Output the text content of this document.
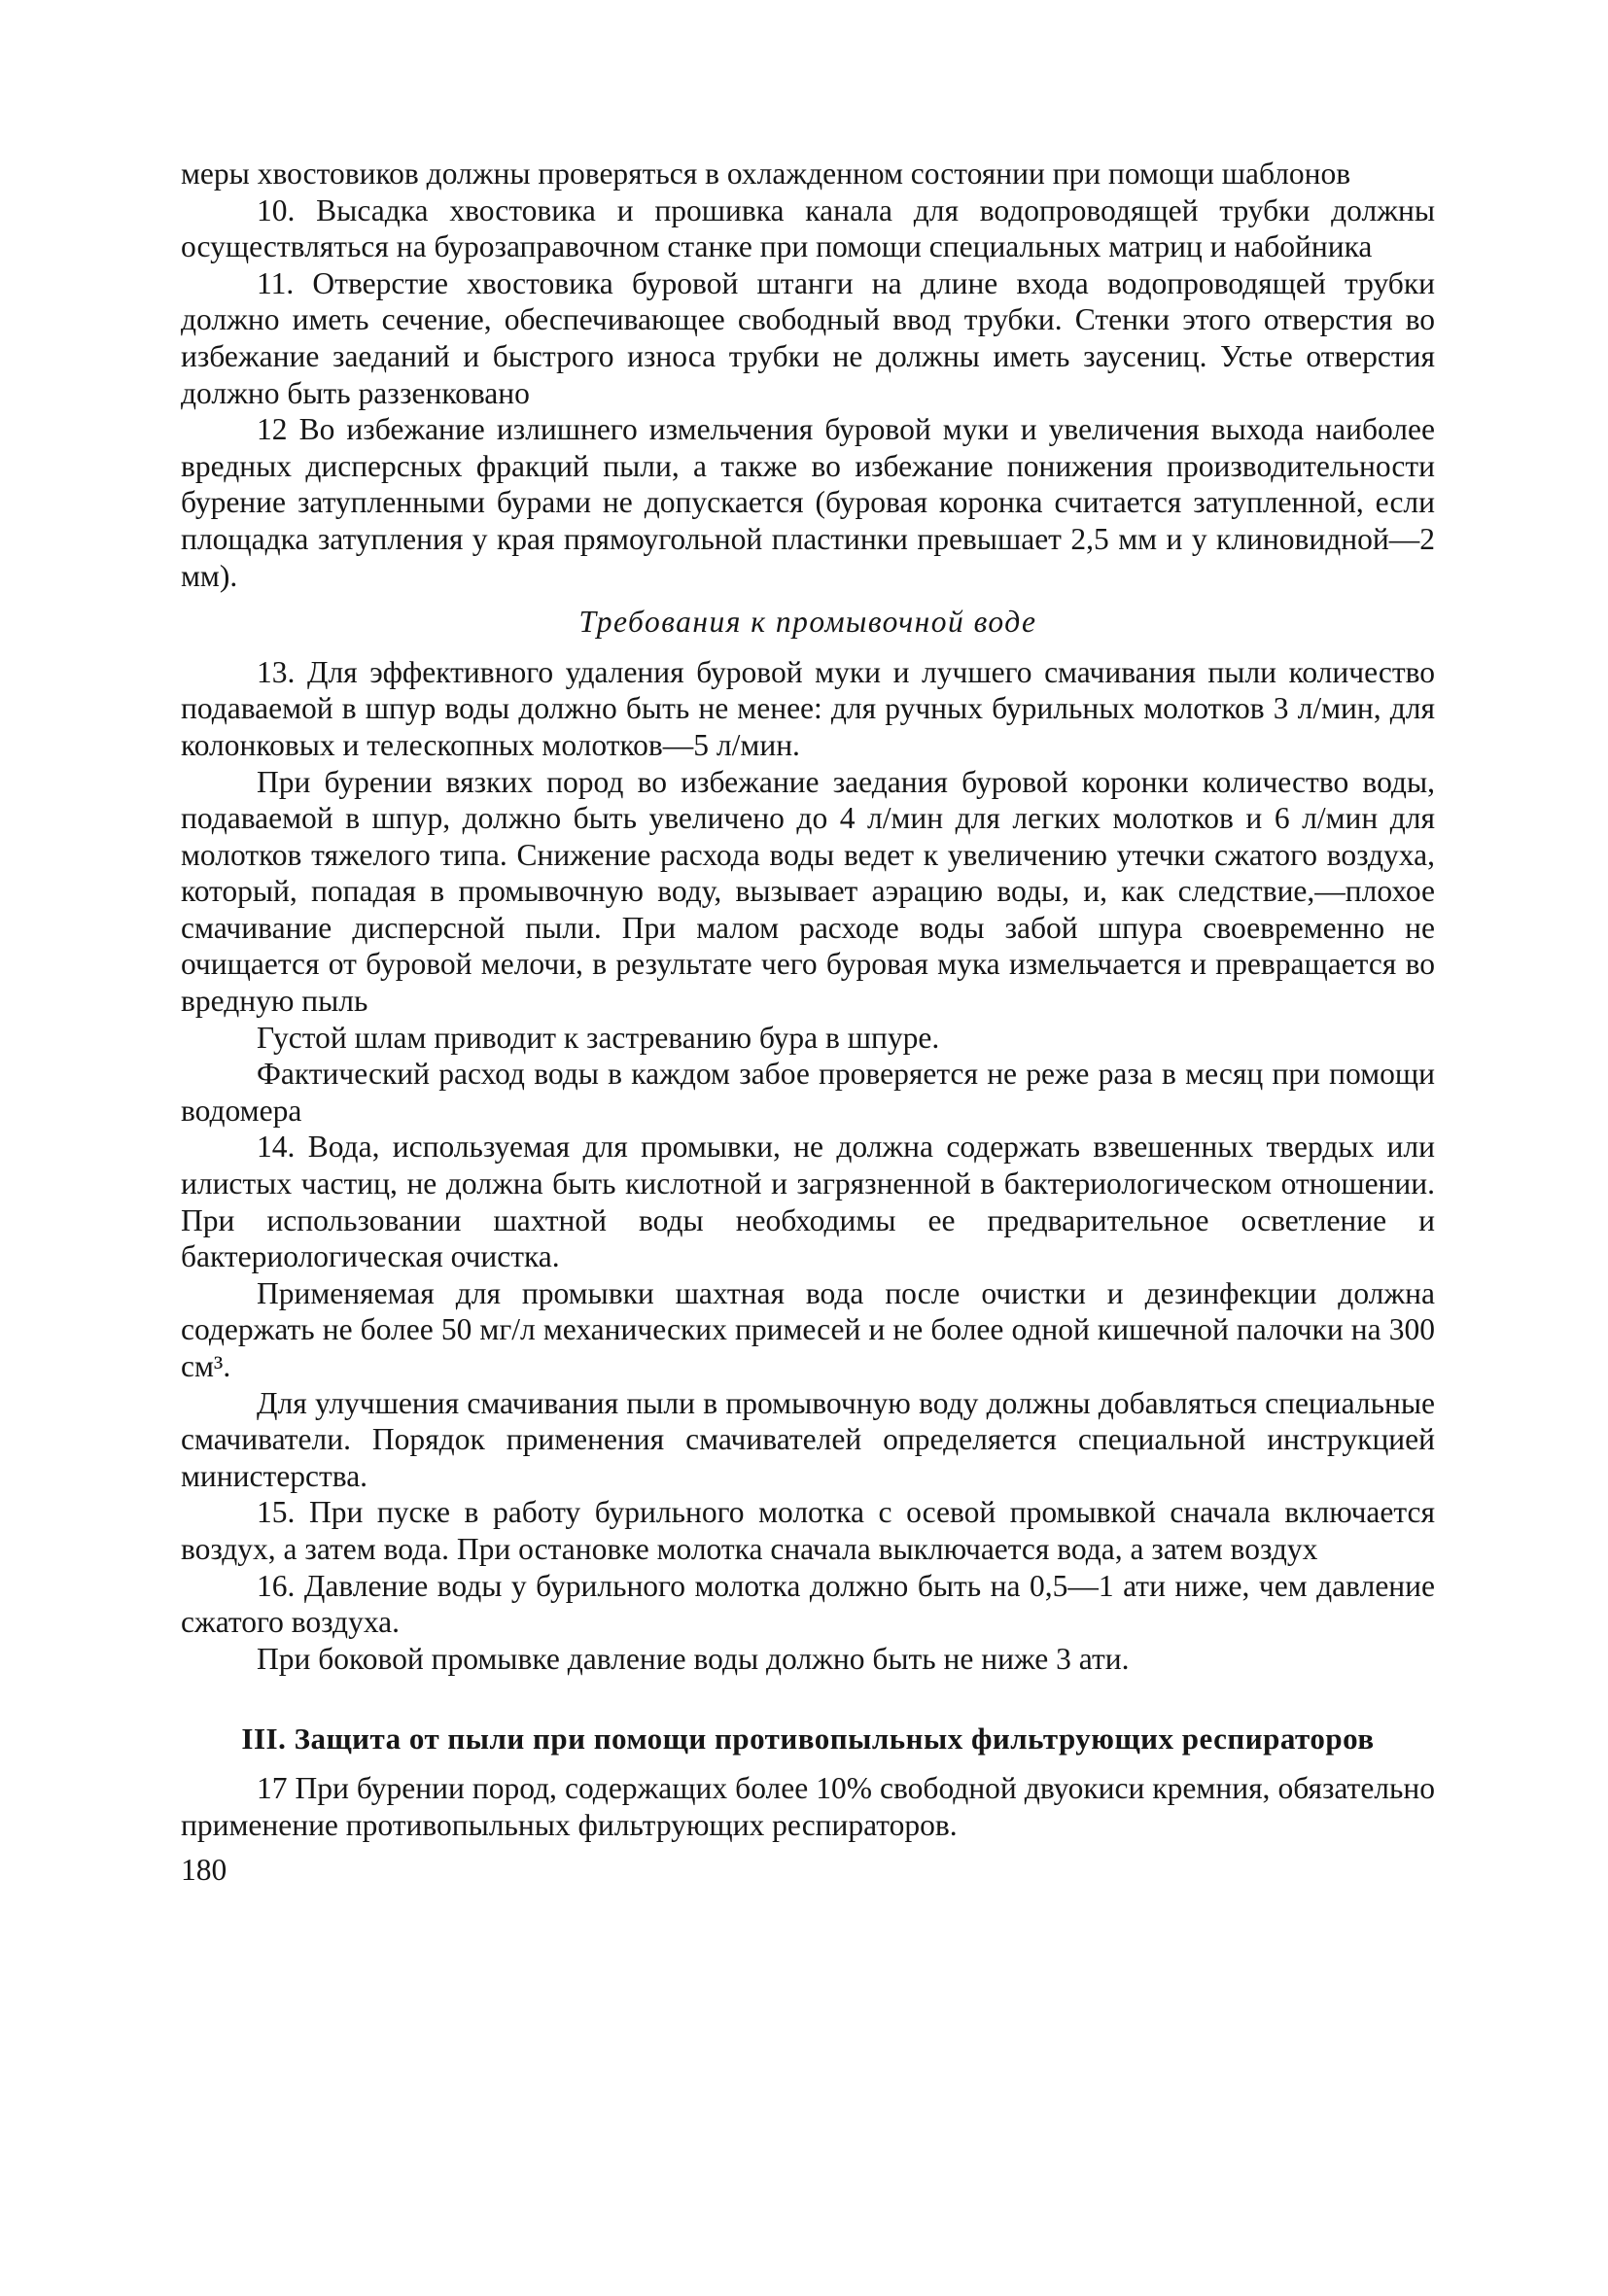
меры хвостовиков должны проверяться в охлажденном состоянии при помощи шаблонов

10. Высадка хвостовика и прошивка канала для водопроводящей трубки должны осуществляться на бурозаправочном станке при помощи специальных матриц и набойника

11. Отверстие хвостовика буровой штанги на длине входа водопроводящей трубки должно иметь сечение, обеспечивающее свободный ввод трубки. Стенки этого отверстия во избежание заеданий и быстрого износа трубки не должны иметь заусениц. Устье отверстия должно быть раззенковано

12 Во избежание излишнего измельчения буровой муки и увеличения выхода наиболее вредных дисперсных фракций пыли, а также во избежание понижения производительности бурение затупленными бурами не допускается (буровая коронка считается затупленной, если площадка затупления у края прямоугольной пластинки превышает 2,5 мм и у клиновидной—2 мм).

Требования к промывочной воде

13. Для эффективного удаления буровой муки и лучшего смачивания пыли количество подаваемой в шпур воды должно быть не менее: для ручных бурильных молотков 3 л/мин, для колонковых и телескопных молотков—5 л/мин.

При бурении вязких пород во избежание заедания буровой коронки количество воды, подаваемой в шпур, должно быть увеличено до 4 л/мин для легких молотков и 6 л/мин для молотков тяжелого типа. Снижение расхода воды ведет к увеличению утечки сжатого воздуха, который, попадая в промывочную воду, вызывает аэрацию воды, и, как следствие,—плохое смачивание дисперсной пыли. При малом расходе воды забой шпура своевременно не очищается от буровой мелочи, в результате чего буровая мука измельчается и превращается во вредную пыль

Густой шлам приводит к застреванию бура в шпуре.

Фактический расход воды в каждом забое проверяется не реже раза в месяц при помощи водомера

14. Вода, используемая для промывки, не должна содержать взвешенных твердых или илистых частиц, не должна быть кислотной и загрязненной в бактериологическом отношении. При использовании шахтной воды необходимы ее предварительное осветление и бактериологическая очистка.

Применяемая для промывки шахтная вода после очистки и дезинфекции должна содержать не более 50 мг/л механических примесей и не более одной кишечной палочки на 300 см³.

Для улучшения смачивания пыли в промывочную воду должны добавляться специальные смачиватели. Порядок применения смачивателей определяется специальной инструкцией министерства.

15. При пуске в работу бурильного молотка с осевой промывкой сначала включается воздух, а затем вода. При остановке молотка сначала выключается вода, а затем воздух

16. Давление воды у бурильного молотка должно быть на 0,5—1 ати ниже, чем давление сжатого воздуха.

При боковой промывке давление воды должно быть не ниже 3 ати.

III. Защита от пыли при помощи противопыльных фильтрующих респираторов

17 При бурении пород, содержащих более 10% свободной двуокиси кремния, обязательно применение противопыльных фильтрующих респираторов.

180
